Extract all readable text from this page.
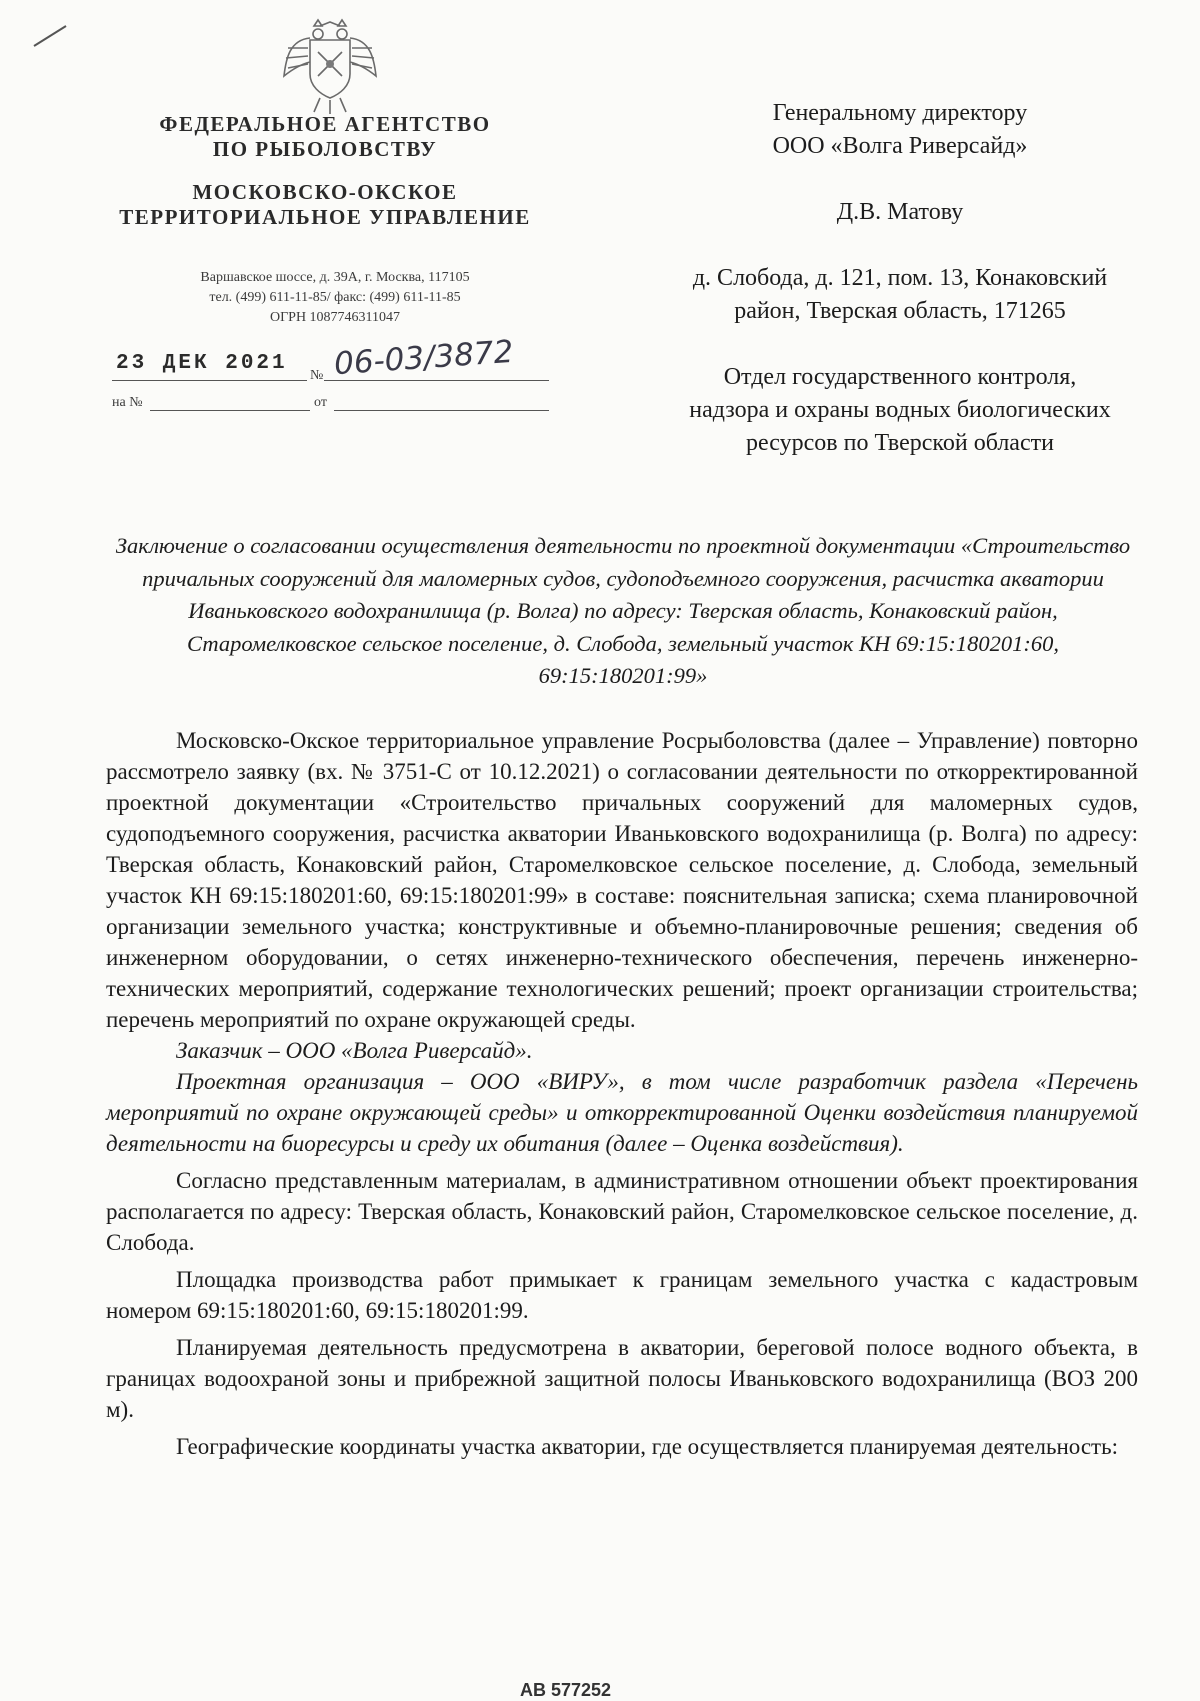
ФЕДЕРАЛЬНОЕ АГЕНТСТВО
ПО РЫБОЛОВСТВУ
МОСКОВСКО-ОКСКОЕ
ТЕРРИТОРИАЛЬНОЕ УПРАВЛЕНИЕ
Варшавское шоссе, д. 39А, г. Москва, 117105
тел. (499) 611-11-85/ факс: (499) 611-11-85
ОГРН 1087746311047
23 ДЕК 2021
№ 06-03/3872
на №	от
Генеральному директору
ООО «Волга Риверсайд»
Д.В. Матову
д. Слобода, д. 121, пом. 13, Конаковский
район, Тверская область, 171265
Отдел государственного контроля,
надзора и охраны водных биологических
ресурсов по Тверской области
Заключение о согласовании осуществления деятельности по проектной документации «Строительство причальных сооружений для маломерных судов, судоподъемного сооружения, расчистка акватории Иваньковского водохранилища (р. Волга) по адресу: Тверская область, Конаковский район, Старомелковское сельское поселение, д. Слобода, земельный участок КН 69:15:180201:60, 69:15:180201:99»

Московско-Окское территориальное управление Росрыболовства (далее – Управление) повторно рассмотрело заявку (вх. № 3751-С от 10.12.2021) о согласовании деятельности по откорректированной проектной документации «Строительство причальных сооружений для маломерных судов, судоподъемного сооружения, расчистка акватории Иваньковского водохранилища (р. Волга) по адресу: Тверская область, Конаковский район, Старомелковское сельское поселение, д. Слобода, земельный участок КН 69:15:180201:60, 69:15:180201:99» в составе: пояснительная записка; схема планировочной организации земельного участка; конструктивные и объемно-планировочные решения; сведения об инженерном оборудовании, о сетях инженерно-технического обеспечения, перечень инженерно-технических мероприятий, содержание технологических решений; проект организации строительства; перечень мероприятий по охране окружающей среды.

Заказчик – ООО «Волга Риверсайд».

Проектная организация – ООО «ВИРУ», в том числе разработчик раздела «Перечень мероприятий по охране окружающей среды» и откорректированной Оценки воздействия планируемой деятельности на биоресурсы и среду их обитания (далее – Оценка воздействия).

Согласно представленным материалам, в административном отношении объект проектирования располагается по адресу: Тверская область, Конаковский район, Старомелковское сельское поселение, д. Слобода.

Площадка производства работ примыкает к границам земельного участка с кадастровым номером 69:15:180201:60, 69:15:180201:99.

Планируемая деятельность предусмотрена в акватории, береговой полосе водного объекта, в границах водоохраной зоны и прибрежной защитной полосы Иваньковского водохранилища (ВОЗ 200 м).

Географические координаты участка акватории, где осуществляется планируемая деятельность:

АВ 577252
